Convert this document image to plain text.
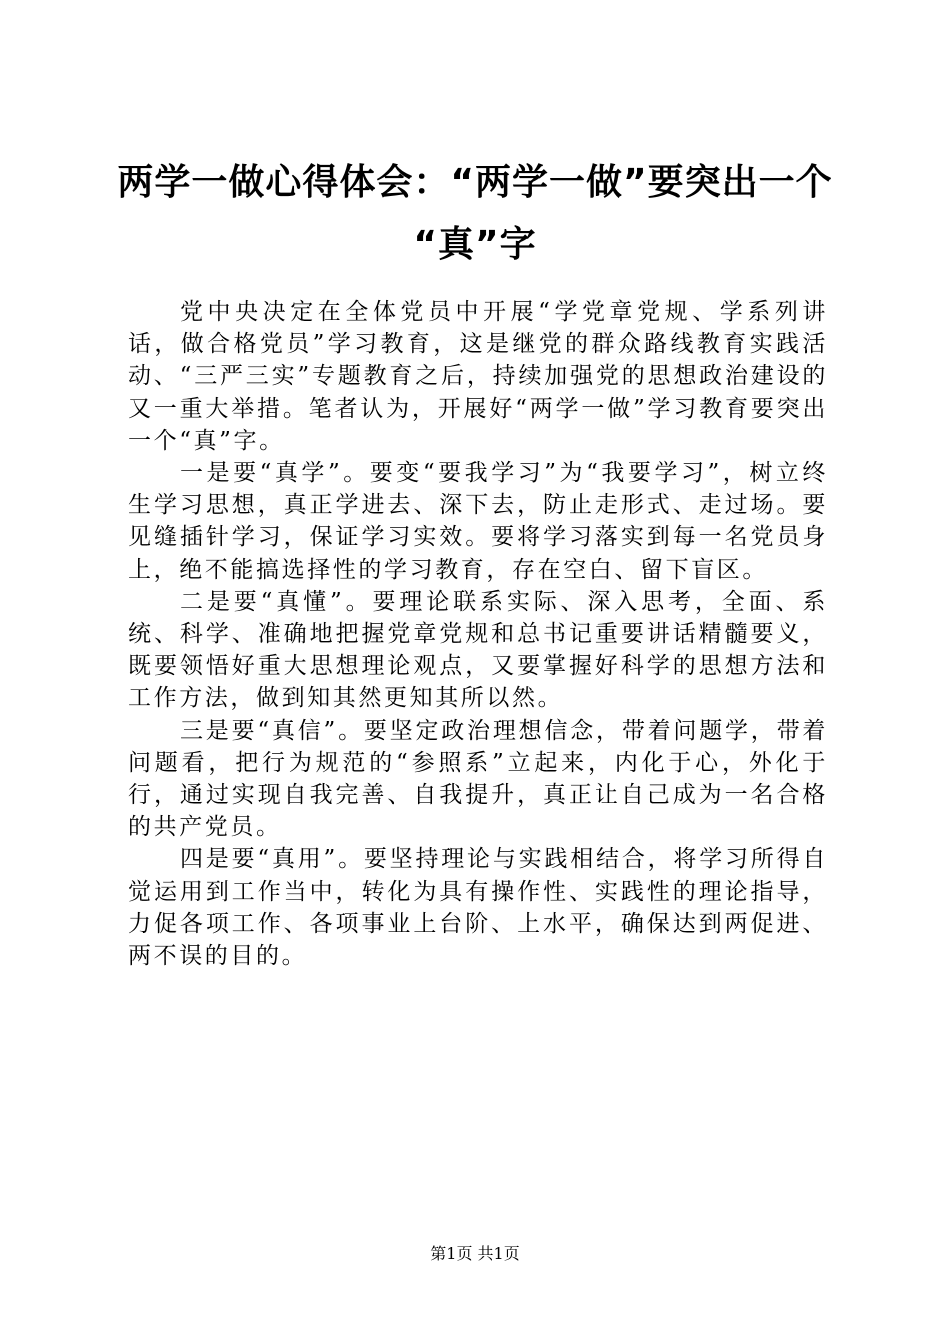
两学一做心得体会：“两学一做”要突出一个
“真”字

党中央决定在全体党员中开展“学党章党规、学系列讲话，做合格党员”学习教育，这是继党的群众路线教育实践活动、“三严三实”专题教育之后，持续加强党的思想政治建设的又一重大举措。笔者认为，开展好“两学一做”学习教育要突出一个“真”字。

一是要“真学”。要变“要我学习”为“我要学习”，树立终生学习思想，真正学进去、深下去，防止走形式、走过场。要见缝插针学习，保证学习实效。要将学习落实到每一名党员身上，绝不能搞选择性的学习教育，存在空白、留下盲区。

二是要“真懂”。要理论联系实际、深入思考，全面、系统、科学、准确地把握党章党规和总书记重要讲话精髓要义，既要领悟好重大思想理论观点，又要掌握好科学的思想方法和工作方法，做到知其然更知其所以然。

三是要“真信”。要坚定政治理想信念，带着问题学，带着问题看，把行为规范的“参照系”立起来，内化于心，外化于行，通过实现自我完善、自我提升，真正让自己成为一名合格的共产党员。

四是要“真用”。要坚持理论与实践相结合，将学习所得自觉运用到工作当中，转化为具有操作性、实践性的理论指导，力促各项工作、各项事业上台阶、上水平，确保达到两促进、两不误的目的。

第1页 共1页
